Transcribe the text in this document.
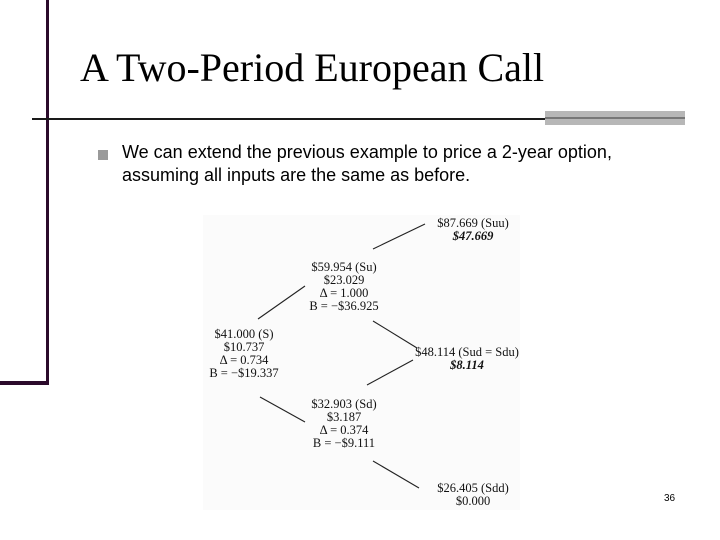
A Two-Period European Call
We can extend the previous example to price a 2-year option, assuming all inputs are the same as before.
$87.669 (Suu)
$47.669
$59.954 (Su)
$23.029
Δ = 1.000
B = −$36.925
$41.000 (S)
$10.737
Δ = 0.734
B = −$19.337
$48.114 (Sud = Sdu)
$8.114
$32.903 (Sd)
$3.187
Δ = 0.374
B = −$9.111
$26.405 (Sdd)
$0.000	36
